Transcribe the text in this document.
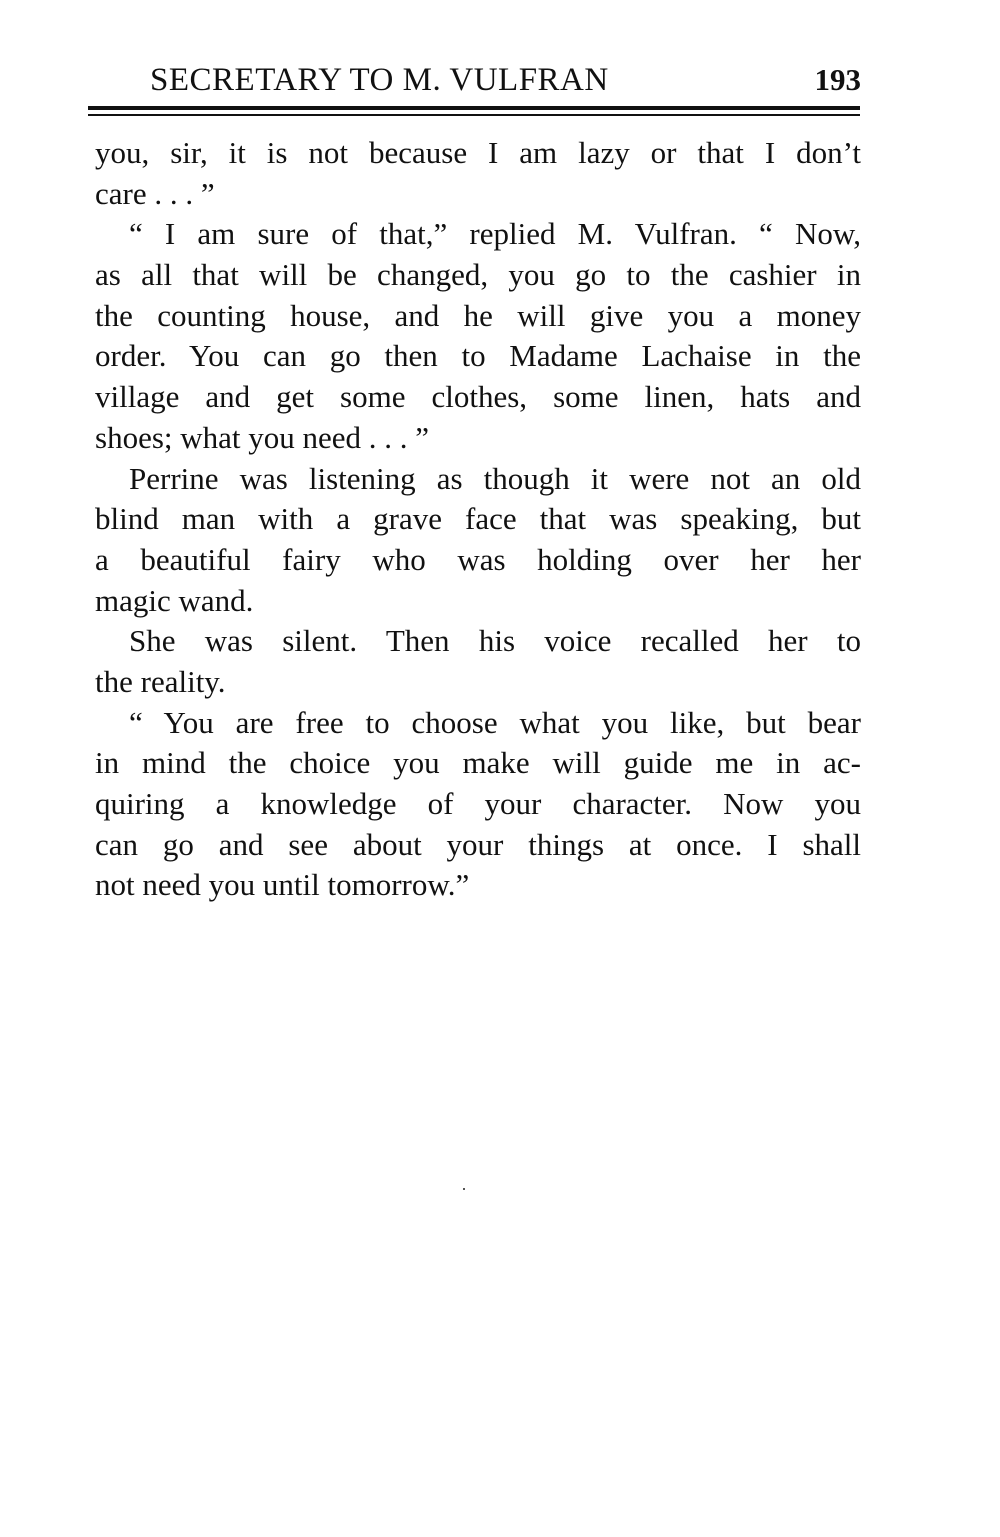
SECRETARY TO M. VULFRAN	193

you, sir, it is not because I am lazy or that I don’t
care . . . ”

“ I am sure of that,” replied M. Vulfran. “ Now,
as all that will be changed, you go to the cashier in
the counting house, and he will give you a money
order. You can go then to Madame Lachaise in the
village and get some clothes, some linen, hats and
shoes; what you need . . . ”

Perrine was listening as though it were not an old
blind man with a grave face that was speaking, but
a beautiful fairy who was holding over her her
magic wand.

She was silent. Then his voice recalled her to
the reality.

“ You are free to choose what you like, but bear
in mind the choice you make will guide me in ac-
quiring a knowledge of your character. Now you
can go and see about your things at once. I shall
not need you until tomorrow.”
